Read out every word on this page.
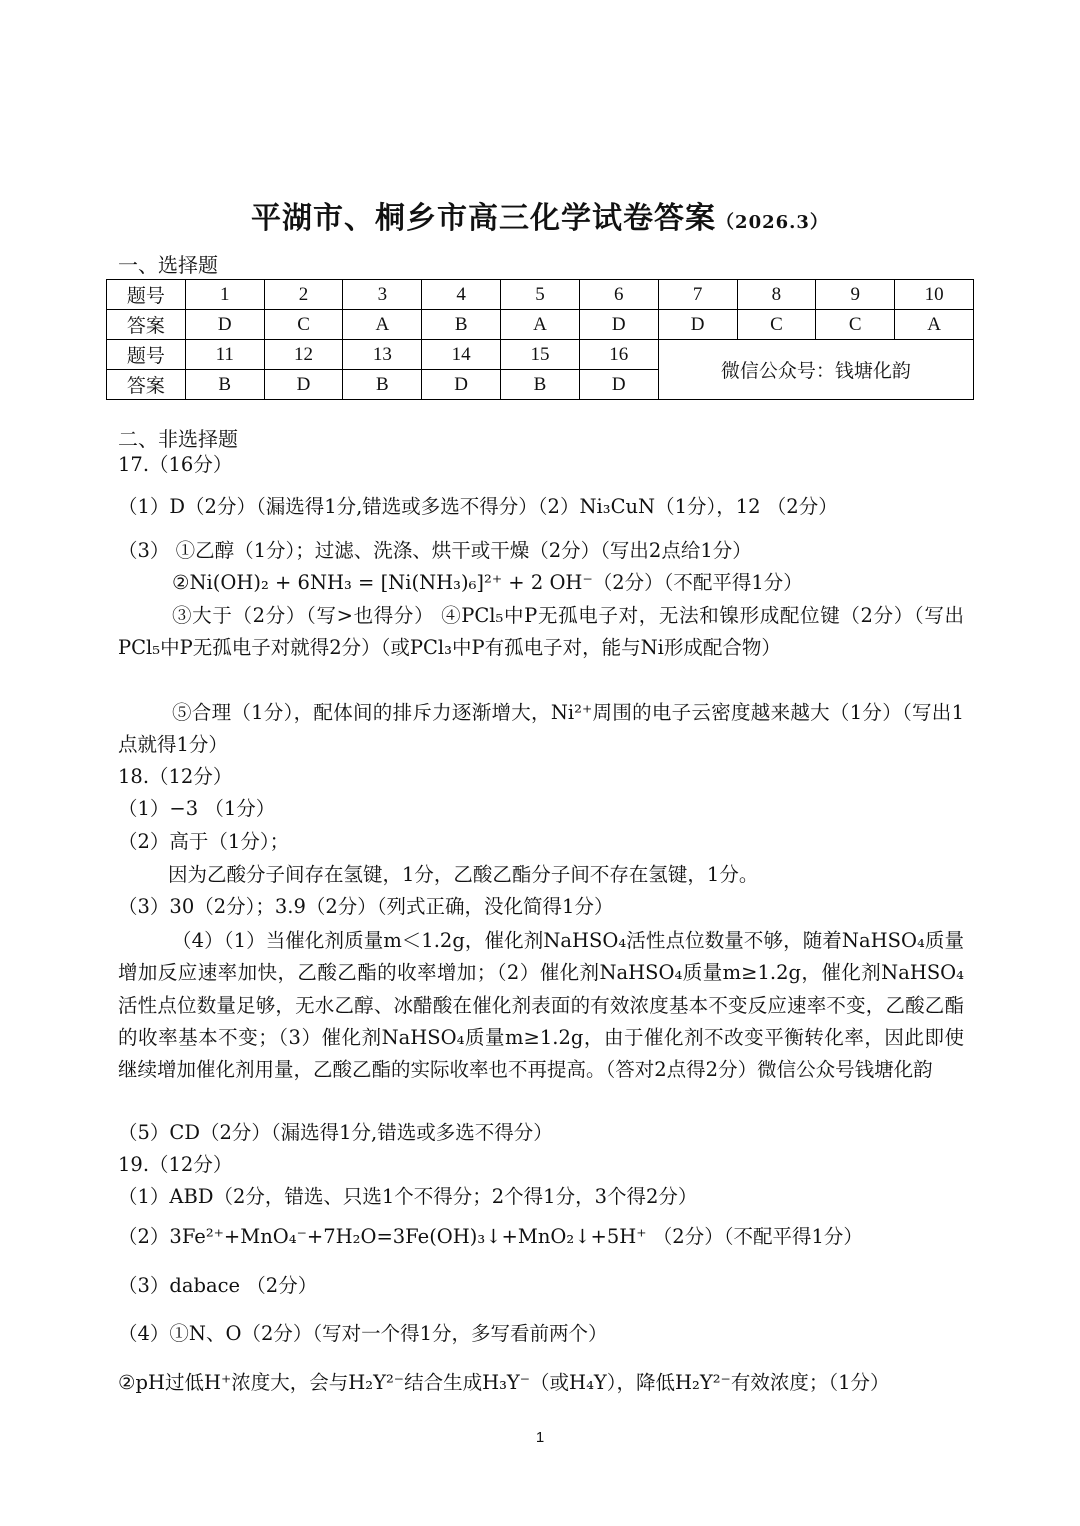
平湖市、桐乡市高三化学试卷答案（2026.3）
一、选择题
题号	1	2	3	4	5	6	7	8	9	10
答案	D	C	A	B	A	D	D	C	C	A
题号	11	12	13	14	15	16	微信公众号：钱塘化韵			
答案	B	D	B	D	B	D				
二、非选择题
17.（16分）
（1）D（2分）（漏选得1分,错选或多选不得分）（2）Ni₃CuN（1分），12 （2分）
（3） ①乙醇（1分）；过滤、洗涤、烘干或干燥（2分）（写出2点给1分）
②Ni(OH)₂ + 6NH₃ = [Ni(NH₃)₆]²⁺ + 2 OH⁻（2分）（不配平得1分）
③大于（2分）（写>也得分） ④PCl₅中P无孤电子对，无法和镍形成配位键（2分）（写出PCl₅中P无孤电子对就得2分）（或PCl₃中P有孤电子对，能与Ni形成配合物）
⑤合理（1分），配体间的排斥力逐渐增大，Ni²⁺周围的电子云密度越来越大（1分）（写出1点就得1分）
18.（12分）
（1）−3 （1分）
（2）高于（1分）；
因为乙酸分子间存在氢键，1分，乙酸乙酯分子间不存在氢键，1分。
（3）30（2分）；3.9（2分）（列式正确，没化简得1分）
（4）（1）当催化剂质量m＜1.2g，催化剂NaHSO₄活性点位数量不够，随着NaHSO₄质量增加反应速率加快，乙酸乙酯的收率增加；（2）催化剂NaHSO₄质量m≥1.2g，催化剂NaHSO₄活性点位数量足够，无水乙醇、冰醋酸在催化剂表面的有效浓度基本不变反应速率不变，乙酸乙酯的收率基本不变；（3）催化剂NaHSO₄质量m≥1.2g，由于催化剂不改变平衡转化率，因此即使继续增加催化剂用量，乙酸乙酯的实际收率也不再提高。（答对2点得2分）微信公众号钱塘化韵
（5）CD（2分）（漏选得1分,错选或多选不得分）
19.（12分）
（1）ABD（2分，错选、只选1个不得分；2个得1分，3个得2分）
（2）3Fe²⁺+MnO₄⁻+7H₂O=3Fe(OH)₃↓+MnO₂↓+5H⁺ （2分）（不配平得1分）
（3）dabace （2分）
（4）①N、O（2分）（写对一个得1分，多写看前两个）
②pH过低H⁺浓度大，会与H₂Y²⁻结合生成H₃Y⁻（或H₄Y），降低H₂Y²⁻有效浓度；（1分）
1
